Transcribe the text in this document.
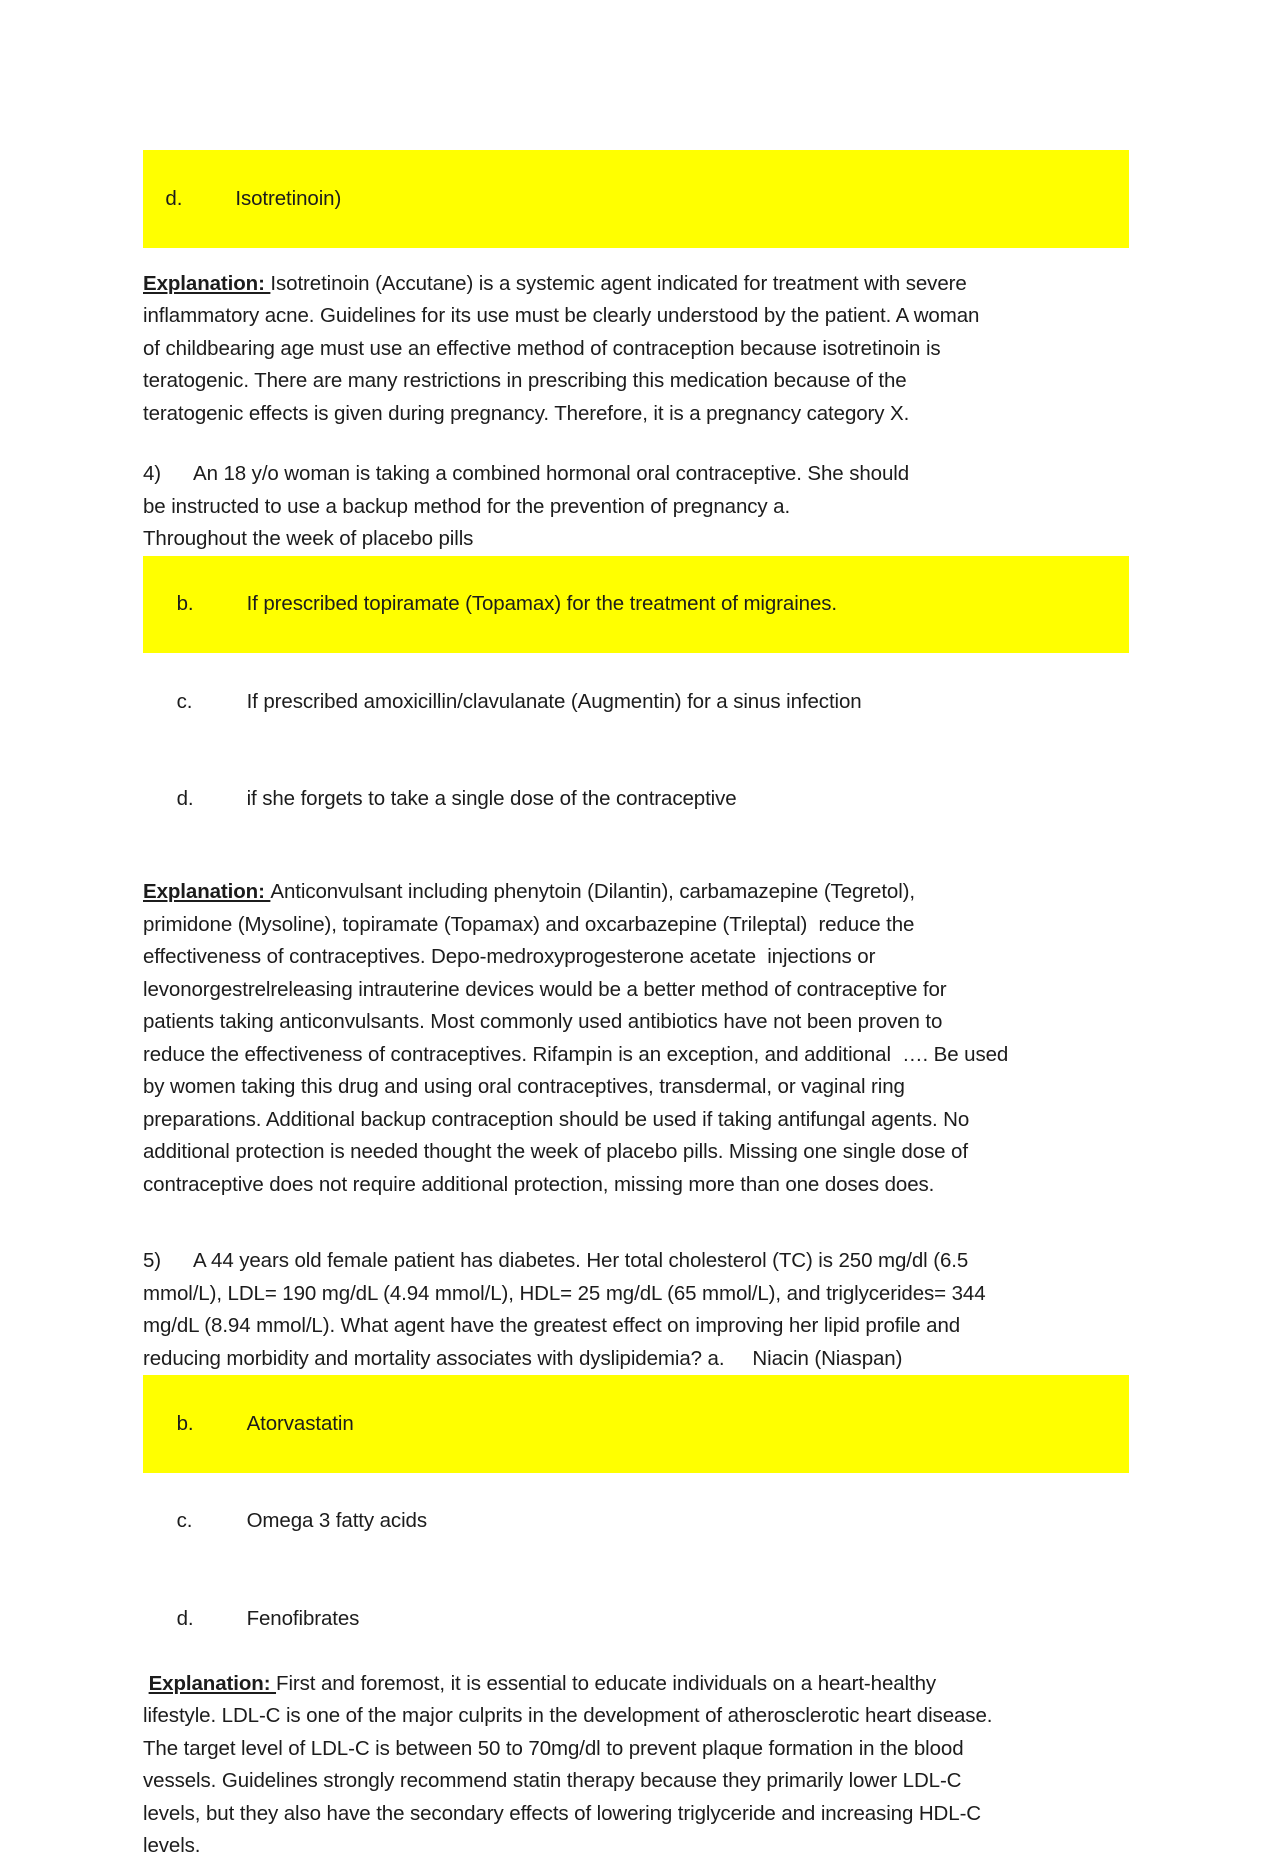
d.	Isotretinoin)

Explanation: Isotretinoin (Accutane) is a systemic agent indicated for treatment with severe
inflammatory acne. Guidelines for its use must be clearly understood by the patient. A woman
of childbearing age must use an effective method of contraception because isotretinoin is
teratogenic. There are many restrictions in prescribing this medication because of the
teratogenic effects is given during pregnancy. Therefore, it is a pregnancy category X.
4) An 18 y/o woman is taking a combined hormonal oral contraceptive. She should
be instructed to use a backup method for the prevention of pregnancy a.
Throughout the week of placebo pills

b.	If prescribed topiramate (Topamax) for the treatment of migraines.

c.	If prescribed amoxicillin/clavulanate (Augmentin) for a sinus infection

d.	if she forgets to take a single dose of the contraceptive

Explanation: Anticonvulsant including phenytoin (Dilantin), carbamazepine (Tegretol),
primidone (Mysoline), topiramate (Topamax) and oxcarbazepine (Trileptal)  reduce the
effectiveness of contraceptives. Depo-medroxyprogesterone acetate  injections or
levonorgestrelreleasing intrauterine devices would be a better method of contraceptive for
patients taking anticonvulsants. Most commonly used antibiotics have not been proven to
reduce the effectiveness of contraceptives. Rifampin is an exception, and additional  …. Be used
by women taking this drug and using oral contraceptives, transdermal, or vaginal ring
preparations. Additional backup contraception should be used if taking antifungal agents. No
additional protection is needed thought the week of placebo pills. Missing one single dose of
contraceptive does not require additional protection, missing more than one doses does.
5) A 44 years old female patient has diabetes. Her total cholesterol (TC) is 250 mg/dl (6.5
mmol/L), LDL= 190 mg/dL (4.94 mmol/L), HDL= 25 mg/dL (65 mmol/L), and triglycerides= 344
mg/dL (8.94 mmol/L). What agent have the greatest effect on improving her lipid profile and
reducing morbidity and mortality associates with dyslipidemia? a.     Niacin (Niaspan)

b.	Atorvastatin

c.	Omega 3 fatty acids

d.	Fenofibrates

Explanation: First and foremost, it is essential to educate individuals on a heart-healthy
lifestyle. LDL-C is one of the major culprits in the development of atherosclerotic heart disease.
The target level of LDL-C is between 50 to 70mg/dl to prevent plaque formation in the blood
vessels. Guidelines strongly recommend statin therapy because they primarily lower LDL-C
levels, but they also have the secondary effects of lowering triglyceride and increasing HDL-C
levels.
